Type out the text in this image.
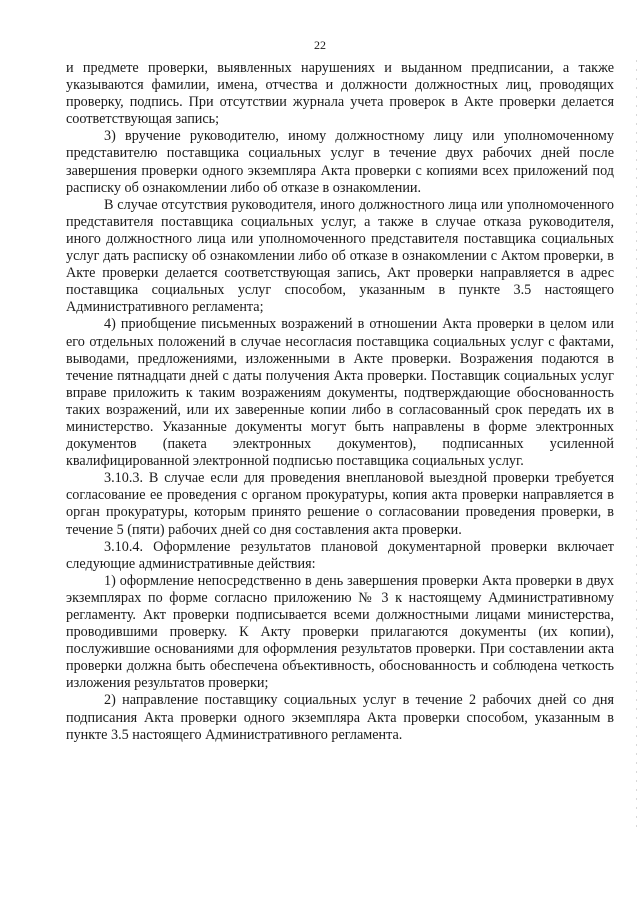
22

и предмете проверки, выявленных нарушениях и выданном предписании, а также указываются фамилии, имена, отчества и должности должностных лиц, проводящих проверку, подпись. При отсутствии журнала учета проверок в Акте проверки делается соответствующая запись;

3) вручение руководителю, иному должностному лицу или уполномоченному представителю поставщика социальных услуг в течение двух рабочих дней после завершения проверки одного экземпляра Акта проверки с копиями всех приложений под расписку об ознакомлении либо об отказе в ознакомлении.

В случае отсутствия руководителя, иного должностного лица или уполномоченного представителя поставщика социальных услуг, а также в случае отказа руководителя, иного должностного лица или уполномоченного представителя поставщика социальных услуг дать расписку об ознакомлении либо об отказе в ознакомлении с Актом проверки, в Акте проверки делается соответствующая запись, Акт проверки направляется в адрес поставщика социальных услуг способом, указанным в пункте 3.5 настоящего Административного регламента;

4) приобщение письменных возражений в отношении Акта проверки в целом или его отдельных положений в случае несогласия поставщика социальных услуг с фактами, выводами, предложениями, изложенными в Акте проверки. Возражения подаются в течение пятнадцати дней с даты получения Акта проверки. Поставщик социальных услуг вправе приложить к таким возражениям документы, подтверждающие обоснованность таких возражений, или их заверенные копии либо в согласованный срок передать их в министерство. Указанные документы могут быть направлены в форме электронных документов (пакета электронных документов), подписанных усиленной квалифицированной электронной подписью поставщика социальных услуг.

3.10.3. В случае если для проведения внеплановой выездной проверки требуется согласование ее проведения с органом прокуратуры, копия акта проверки направляется в орган прокуратуры, которым принято решение о согласовании проведения проверки, в течение 5 (пяти) рабочих дней со дня составления акта проверки.

3.10.4. Оформление результатов плановой документарной проверки включает следующие административные действия:

1) оформление непосредственно в день завершения проверки Акта проверки в двух экземплярах по форме согласно приложению № 3 к настоящему Административному регламенту. Акт проверки подписывается всеми должностными лицами министерства, проводившими проверку. К Акту проверки прилагаются документы (их копии), послужившие основаниями для оформления результатов проверки. При составлении акта проверки должна быть обеспечена объективность, обоснованность и соблюдена четкость изложения результатов проверки;

2) направление поставщику социальных услуг в течение 2 рабочих дней со дня подписания Акта проверки одного экземпляра Акта проверки способом, указанным в пункте 3.5 настоящего Административного регламента.
